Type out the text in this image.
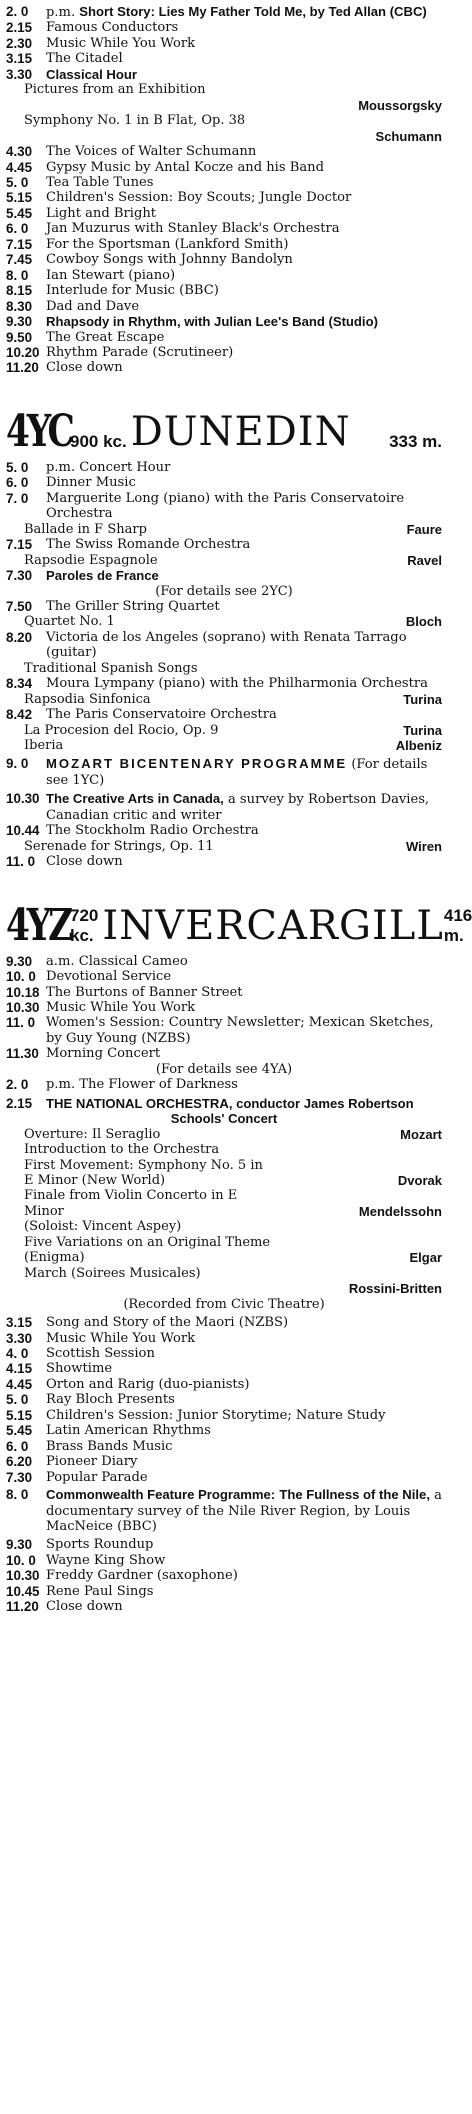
2. 0	p.m. Short Story: Lies My Father Told Me, by Ted Allan (CBC)
2.15	Famous Conductors
2.30	Music While You Work
3.15	The Citadel
3.30	Classical Hour
Pictures from an Exhibition
Moussorgsky
Symphony No. 1 in B Flat, Op. 38
Schumann
4.30	The Voices of Walter Schumann
4.45	Gypsy Music by Antal Kocze and his Band
5. 0	Tea Table Tunes
5.15	Children's Session: Boy Scouts; Jungle Doctor
5.45	Light and Bright
6. 0	Jan Muzurus with Stanley Black's Orchestra
7.15	For the Sportsman (Lankford Smith)
7.45	Cowboy Songs with Johnny Bandolyn
8. 0	Ian Stewart (piano)
8.15	Interlude for Music (BBC)
8.30	Dad and Dave
9.30	Rhapsody in Rhythm, with Julian Lee's Band (Studio)
9.50	The Great Escape
10.20 Rhythm Parade (Scrutineer)
11.20 Close down
4YC
900 kc. DUNEDIN 333 m.
5. 0	p.m. Concert Hour
6. 0	Dinner Music
7. 0	Marguerite Long (piano) with the Paris Conservatoire Orchestra
Ballade in F Sharp	Faure
7.15	The Swiss Romande Orchestra
Rapsodie Espagnole	Ravel
7.30	Paroles de France
(For details see 2YC)
7.50	The Griller String Quartet
Quartet No. 1	Bloch
8.20	Victoria de los Angeles (soprano) with Renata Tarrago (guitar)
Traditional Spanish Songs
8.34	Moura Lympany (piano) with the Philharmonia Orchestra
Rapsodia Sinfonica	Turina
8.42	The Paris Conservatoire Orchestra
La Procesion del Rocio, Op. 9	Turina
Iberia	Albeniz
9. 0	MOZART BICENTENARY PROGRAMME (For details see 1YC)
10.30 The Creative Arts in Canada, a survey by Robertson Davies, Canadian critic and writer
10.44 The Stockholm Radio Orchestra
Serenade for Strings, Op. 11	Wiren
11. 0 Close down
4YZ 720 kc. INVERCARGILL 416 m.
9.30	a.m. Classical Cameo
10. 0 Devotional Service
10.18 The Burtons of Banner Street
10.30 Music While You Work
11. 0 Women's Session: Country Newsletter; Mexican Sketches, by Guy Young (NZBS)
11.30 Morning Concert
(For details see 4YA)
2. 0	p.m. The Flower of Darkness
2.15	THE NATIONAL ORCHESTRA, conductor James Robertson
Schools' Concert
Overture: Il Seraglio	Mozart
Introduction to the Orchestra
First Movement: Symphony No. 5 in
E Minor (New World)	Dvorak
Finale from Violin Concerto in E
Minor	Mendelssohn
(Soloist: Vincent Aspey)
Five Variations on an Original Theme
(Enigma)	Elgar
March (Soirees Musicales)
Rossini-Britten
(Recorded from Civic Theatre)
3.15	Song and Story of the Maori (NZBS)
3.30	Music While You Work
4. 0	Scottish Session
4.15	Showtime
4.45	Orton and Rarig (duo-pianists)
5. 0	Ray Bloch Presents
5.15	Children's Session: Junior Storytime; Nature Study
5.45	Latin American Rhythms
6. 0	Brass Bands Music
6.20	Pioneer Diary
7.30	Popular Parade
8. 0	Commonwealth Feature Programme: The Fullness of the Nile, a documentary survey of the Nile River Region, by Louis MacNeice (BBC)
9.30	Sports Roundup
10. 0 Wayne King Show
10.30 Freddy Gardner (saxophone)
10.45 Rene Paul Sings
11.20 Close down
